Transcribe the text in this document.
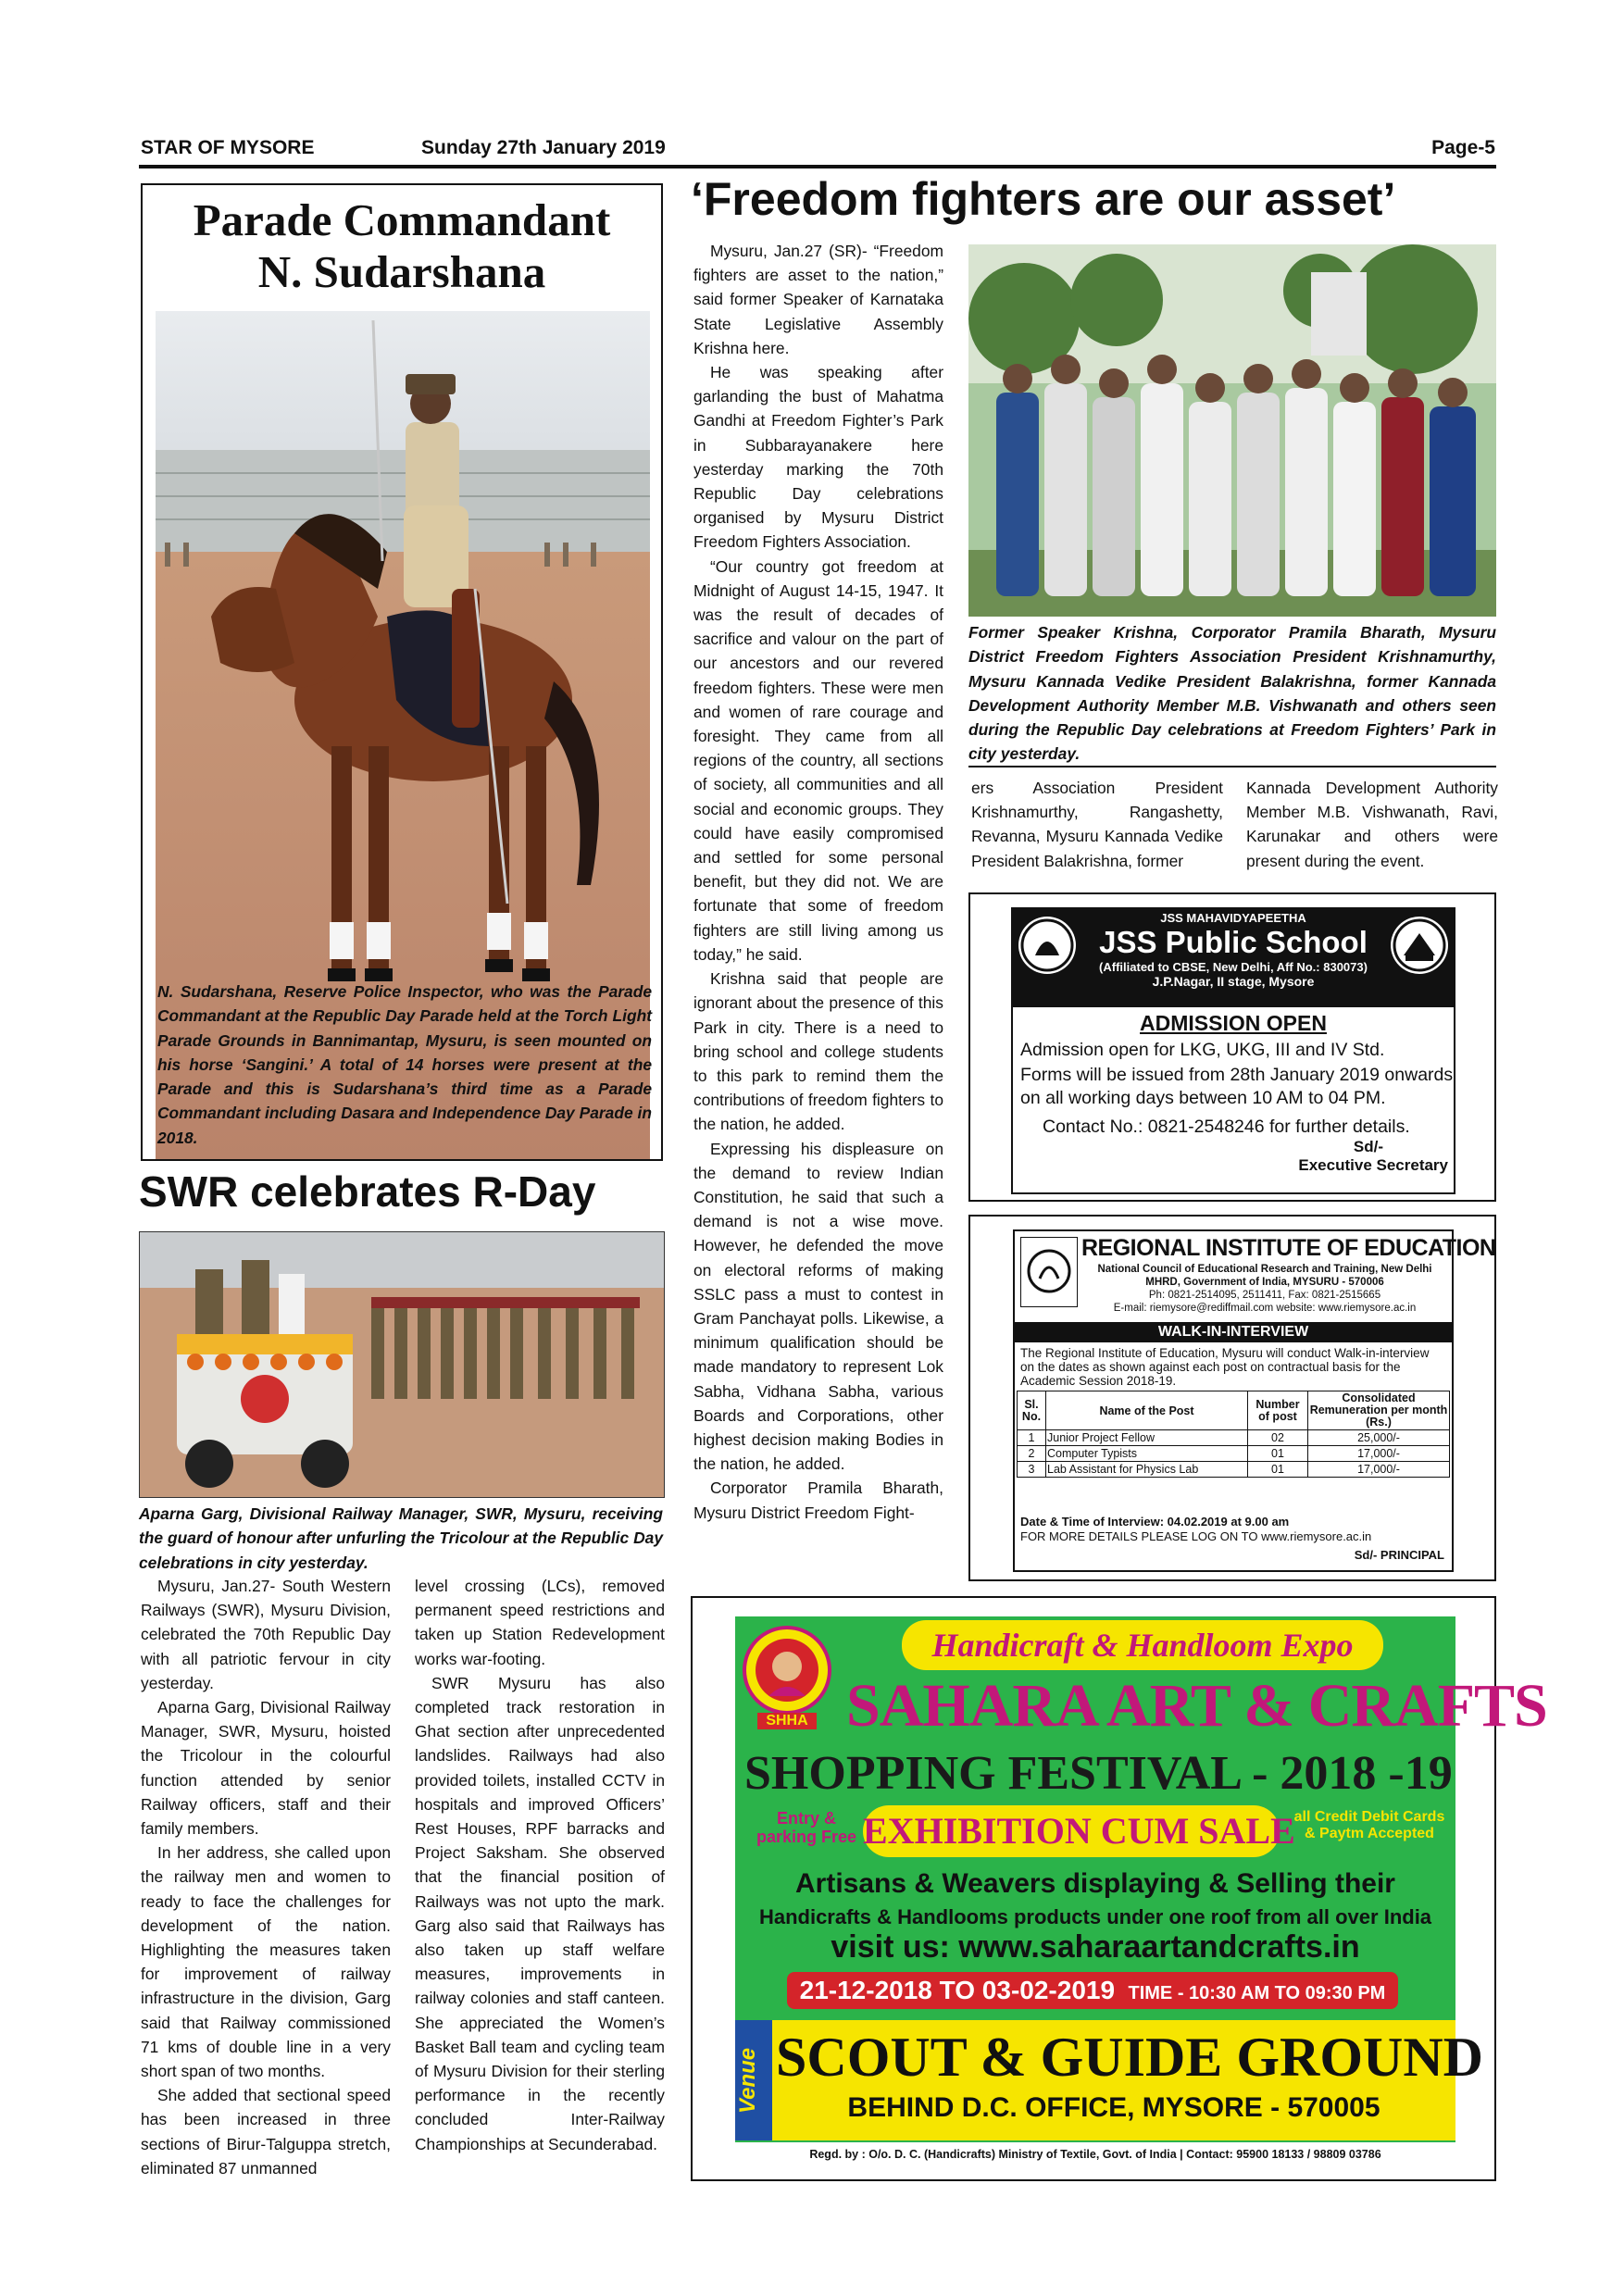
STAR OF MYSORE	Sunday 27th January 2019	Page-5
Parade Commandant
N. Sudarshana

N. Sudarshana, Reserve Police Inspector, who was the Parade Commandant at the Republic Day Parade held at the Torch Light Parade Grounds in Bannimantap, Mysuru, is seen mounted on his horse ‘Sangini.’ A total of 14 horses were present at the Parade and this is Sudarshana’s third time as a Parade Commandant including Dasara and Independence Day Parade in 2018.

SWR celebrates R-Day

Aparna Garg, Divisional Railway Manager, SWR, Mysuru, receiving the guard of honour after unfurling the Tricolour at the Republic Day celebrations in city yesterday.

Mysuru, Jan.27- South Western Railways (SWR), Mysuru Division, celebrated the 70th Republic Day with all patriotic fervour in city yesterday.

Aparna Garg, Divisional Railway Manager, SWR, Mysuru, hoisted the Tricolour in the colourful function attended by senior Railway officers, staff and their family members.

In her address, she called upon the railway men and women to ready to face the challenges for development of the nation. Highlighting the measures taken for improvement of railway infrastructure in the division, Garg said that Railway commissioned 71 kms of double line in a very short span of two months.

She added that sectional speed has been increased in three sections of Birur-Talguppa stretch, eliminated 87 unmanned

level crossing (LCs), removed permanent speed restrictions and taken up Station Redevelopment works war-footing.

SWR Mysuru has also completed track restoration in Ghat section after unprecedented landslides. Railways had also provided toilets, installed CCTV in hospitals and improved Officers’ Rest Houses, RPF barracks and Project Saksham. She observed that the financial position of Railways was not upto the mark. Garg also said that Railways has also taken up staff welfare measures, improvements in railway colonies and staff canteen. She appreciated the Women’s Basket Ball team and cycling team of Mysuru Division for their sterling performance in the recently concluded Inter-Railway Championships at Secunderabad.

‘Freedom fighters are our asset’

Mysuru, Jan.27 (SR)- “Freedom fighters are asset to the nation,” said former Speaker of Karnataka State Legislative Assembly Krishna here.

He was speaking after garlanding the bust of Mahatma Gandhi at Freedom Fighter’s Park in Subbarayanakere here yesterday marking the 70th Republic Day celebrations organised by Mysuru District Freedom Fighters Association.

“Our country got freedom at Midnight of August 14-15, 1947. It was the result of decades of sacrifice and valour on the part of our ancestors and our revered freedom fighters. These were men and women of rare courage and foresight. They came from all regions of the country, all sections of society, all communities and all social and economic groups. They could have easily compromised and settled for some personal benefit, but they did not. We are fortunate that some of freedom fighters are still living among us today,” he said.

Krishna said that people are ignorant about the presence of this Park in city. There is a need to bring school and college students to this park to remind them the contributions of freedom fighters to the nation, he added.

Expressing his displeasure on the demand to review Indian Constitution, he said that such a demand is not a wise move. However, he defended the move on electoral reforms of making SSLC pass a must to contest in Gram Panchayat polls. Likewise, a minimum qualification should be made mandatory to represent Lok Sabha, Vidhana Sabha, various Boards and Corporations, other highest decision making Bodies in the nation, he added.

Corporator Pramila Bharath, Mysuru District Freedom Fight-

Former Speaker Krishna, Corporator Pramila Bharath, Mysuru District Freedom Fighters Association President Krishnamurthy, Mysuru Kannada Vedike President Balakrishna, former Kannada Development Authority Member M.B. Vishwanath and others seen during the Republic Day celebrations at Freedom Fighters’ Park in city yesterday.

ers Association President Krishnamurthy, Rangashetty, Revanna, Mysuru Kannada Vedike President Balakrishna, former

Kannada Development Authority Member M.B. Vishwanath, Ravi, Karunakar and others were present during the event.

JSS MAHAVIDYAPEETHA
JSS Public School
(Affiliated to CBSE, New Delhi, Aff No.: 830073)
J.P.Nagar, II stage, Mysore
ADMISSION OPEN
Admission open for LKG, UKG, III and IV Std.
Forms will be issued from 28th January 2019 onwards
on all working days between 10 AM to 04 PM.
Contact No.: 0821-2548246 for further details.
Sd/-
Executive Secretary
REGIONAL INSTITUTE OF EDUCATION
National Council of Educational Research and Training, New Delhi
MHRD, Government of India, MYSURU - 570006
Ph: 0821-2514095, 2511411, Fax: 0821-2515665
E-mail: riemysore@rediffmail.com website: www.riemysore.ac.in
WALK-IN-INTERVIEW
The Regional Institute of Education, Mysuru will conduct Walk-in-interview on the dates as shown against each post on contractual basis for the Academic Session 2018-19.
Sl. No.	Name of the Post	Number of post	Consolidated Remuneration per month (Rs.)
1	Junior Project Fellow	02	25,000/-
2	Computer Typists	01	17,000/-
3	Lab Assistant for Physics Lab	01	17,000/-
Date & Time of Interview: 04.02.2019 at 9.00 am
FOR MORE DETAILS PLEASE LOG ON TO www.riemysore.ac.in
Sd/- PRINCIPAL
SHHA
Handicraft & Handloom Expo
SAHARA ART & CRAFTS
SHOPPING FESTIVAL - 2018 -19
Entry & parking Free EXHIBITION CUM SALE
all Credit Debit Cards & Paytm Accepted
Artisans & Weavers displaying & Selling their
Handicrafts & Handlooms products under one roof from all over India
visit us: www.saharaartandcrafts.in
21-12-2018 TO 03-02-2019 TIME - 10:30 AM TO 09:30 PM
Venue SCOUT & GUIDE GROUND
BEHIND D.C. OFFICE, MYSORE - 570005
Regd. by : O/o. D. C. (Handicrafts) Ministry of Textile, Govt. of India | Contact: 95900 18133 / 98809 03786
